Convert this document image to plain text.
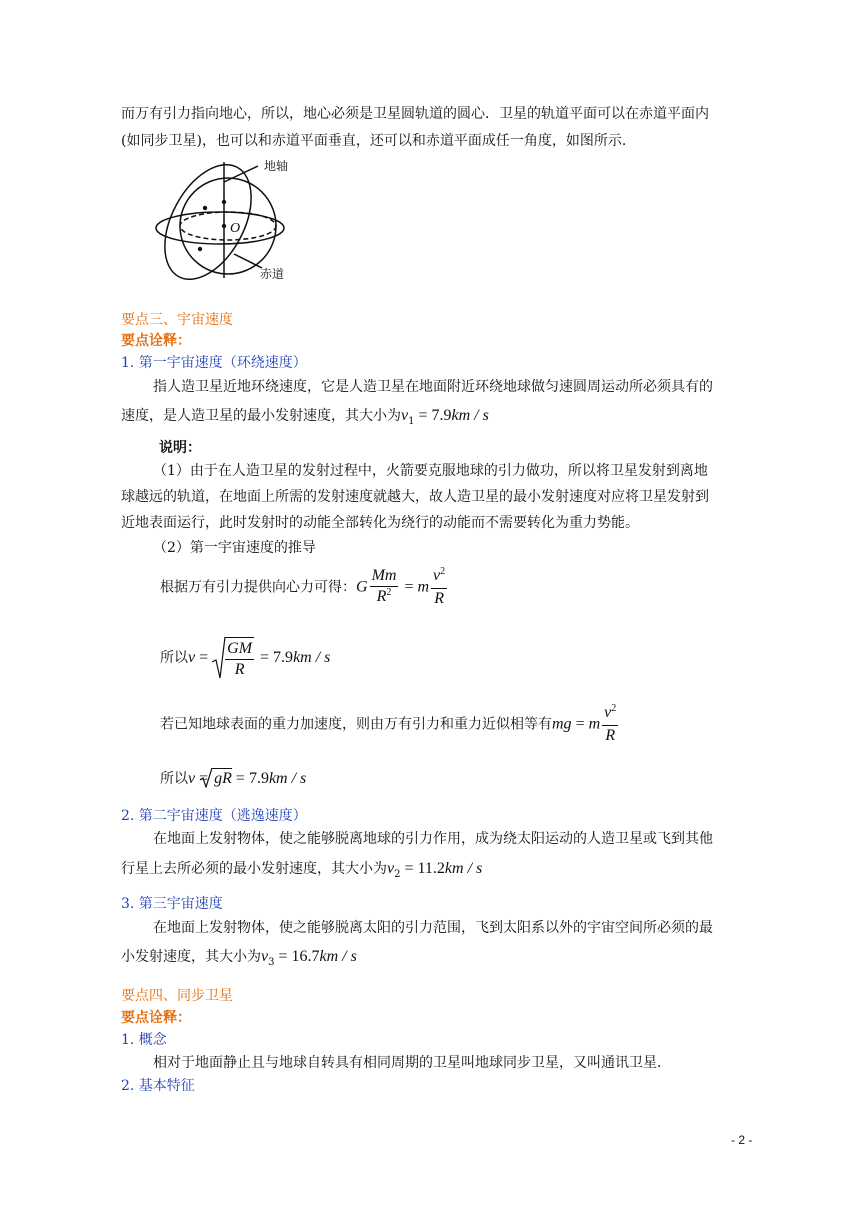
而万有引力指向地心，所以，地心必须是卫星圆轨道的圆心．卫星的轨道平面可以在赤道平面内
(如同步卫星)，也可以和赤道平面垂直，还可以和赤道平面成任一角度，如图所示.
地轴
O
赤道
要点三、宇宙速度
要点诠释：
1. 第一宇宙速度（环绕速度）
指人造卫星近地环绕速度，它是人造卫星在地面附近环绕地球做匀速圆周运动所必须具有的
速度，是人造卫星的最小发射速度，其大小为$v_1 = 7.9km / s$
说明：
（1）由于在人造卫星的发射过程中，火箭要克服地球的引力做功，所以将卫星发射到离地
球越远的轨道，在地面上所需的发射速度就越大，故人造卫星的最小发射速度对应将卫星发射到
近地表面运行，此时发射时的动能全部转化为绕行的动能而不需要转化为重力势能。
（2）第一宇宙速度的推导
根据万有引力提供向心力可得：G $\frac{Mm}{R^2} = m \frac{v^2}{R}$
所以$v = \frac{GM}{R} = 7.9km / s$
若已知地球表面的重力加速度，则由万有引力和重力近似相等有mg = m $\frac{v^2}{R}$
所以v =
gR = 7.9km / s
2. 第二宇宙速度（逃逸速度）
在地面上发射物体，使之能够脱离地球的引力作用，成为绕太阳运动的人造卫星或飞到其他
行星上去所必须的最小发射速度，其大小为$v_2 = 11.2km / s$
3. 第三宇宙速度
在地面上发射物体，使之能够脱离太阳的引力范围，飞到太阳系以外的宇宙空间所必须的最
小发射速度，其大小为$v_3 = 16.7km / s$
要点四、同步卫星
要点诠释：
1. 概念
相对于地面静止且与地球自转具有相同周期的卫星叫地球同步卫星，又叫通讯卫星．
2. 基本特征
- 2 -
